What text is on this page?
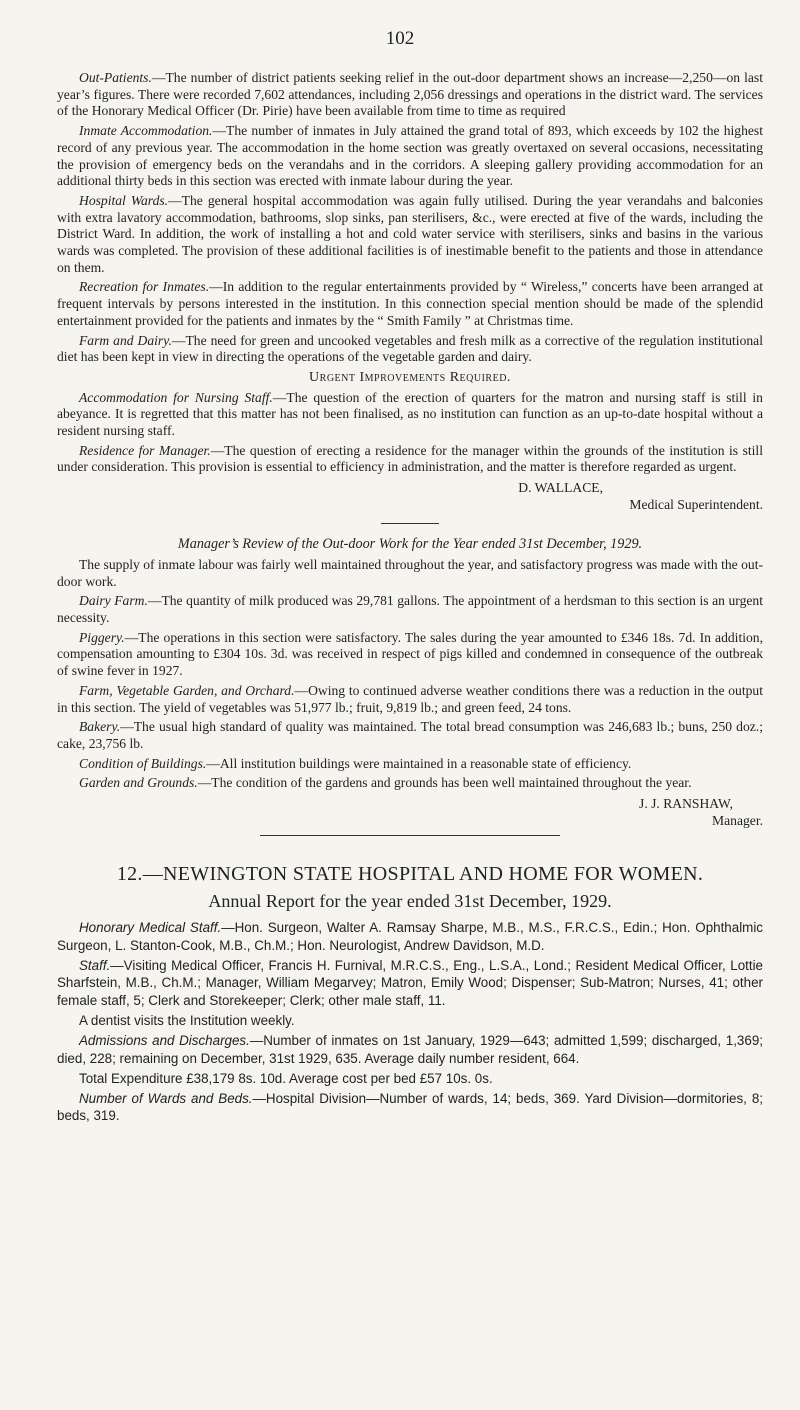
102

Out-Patients.—The number of district patients seeking relief in the out-door department shows an increase—2,250—on last year’s figures. There were recorded 7,602 attendances, including 2,056 dressings and operations in the district ward. The services of the Honorary Medical Officer (Dr. Pirie) have been available from time to time as required

Inmate Accommodation.—The number of inmates in July attained the grand total of 893, which exceeds by 102 the highest record of any previous year. The accommodation in the home section was greatly overtaxed on several occasions, necessitating the provision of emergency beds on the verandahs and in the corridors. A sleeping gallery providing accommodation for an additional thirty beds in this section was erected with inmate labour during the year.

Hospital Wards.—The general hospital accommodation was again fully utilised. During the year verandahs and balconies with extra lavatory accommodation, bathrooms, slop sinks, pan sterilisers, &c., were erected at five of the wards, including the District Ward. In addition, the work of installing a hot and cold water service with sterilisers, sinks and basins in the various wards was completed. The provision of these additional facilities is of inestimable benefit to the patients and those in attendance on them.

Recreation for Inmates.—In addition to the regular entertainments provided by “ Wireless,” concerts have been arranged at frequent intervals by persons interested in the institution. In this connection special mention should be made of the splendid entertainment provided for the patients and inmates by the “ Smith Family ” at Christmas time.

Farm and Dairy.—The need for green and uncooked vegetables and fresh milk as a corrective of the regulation institutional diet has been kept in view in directing the operations of the vegetable garden and dairy.

Urgent Improvements Required.

Accommodation for Nursing Staff.—The question of the erection of quarters for the matron and nursing staff is still in abeyance. It is regretted that this matter has not been finalised, as no institution can function as an up-to-date hospital without a resident nursing staff.

Residence for Manager.—The question of erecting a residence for the manager within the grounds of the institution is still under consideration. This provision is essential to efficiency in administration, and the matter is therefore regarded as urgent.

D. WALLACE,
Medical Superintendent.

Manager’s Review of the Out-door Work for the Year ended 31st December, 1929.

The supply of inmate labour was fairly well maintained throughout the year, and satisfactory progress was made with the out-door work.

Dairy Farm.—The quantity of milk produced was 29,781 gallons. The appointment of a herdsman to this section is an urgent necessity.

Piggery.—The operations in this section were satisfactory. The sales during the year amounted to £346 18s. 7d. In addition, compensation amounting to £304 10s. 3d. was received in respect of pigs killed and condemned in consequence of the outbreak of swine fever in 1927.

Farm, Vegetable Garden, and Orchard.—Owing to continued adverse weather conditions there was a reduction in the output in this section. The yield of vegetables was 51,977 lb.; fruit, 9,819 lb.; and green feed, 24 tons.

Bakery.—The usual high standard of quality was maintained. The total bread consumption was 246,683 lb.; buns, 250 doz.; cake, 23,756 lb.

Condition of Buildings.—All institution buildings were maintained in a reasonable state of efficiency.

Garden and Grounds.—The condition of the gardens and grounds has been well maintained throughout the year.

J. J. RANSHAW,
Manager.

12.—NEWINGTON STATE HOSPITAL AND HOME FOR WOMEN.

Annual Report for the year ended 31st December, 1929.

Honorary Medical Staff.—Hon. Surgeon, Walter A. Ramsay Sharpe, M.B., M.S., F.R.C.S., Edin.; Hon. Ophthalmic Surgeon, L. Stanton-Cook, M.B., Ch.M.; Hon. Neurologist, Andrew Davidson, M.D.

Staff.—Visiting Medical Officer, Francis H. Furnival, M.R.C.S., Eng., L.S.A., Lond.; Resident Medical Officer, Lottie Sharfstein, M.B., Ch.M.; Manager, William Megarvey; Matron, Emily Wood; Dispenser; Sub-Matron; Nurses, 41; other female staff, 5; Clerk and Storekeeper; Clerk; other male staff, 11.

A dentist visits the Institution weekly.

Admissions and Discharges.—Number of inmates on 1st January, 1929—643; admitted 1,599; discharged, 1,369; died, 228; remaining on December, 31st 1929, 635. Average daily number resident, 664.

Total Expenditure £38,179 8s. 10d. Average cost per bed £57 10s. 0s.

Number of Wards and Beds.—Hospital Division—Number of wards, 14; beds, 369. Yard Division—dormitories, 8; beds, 319.
